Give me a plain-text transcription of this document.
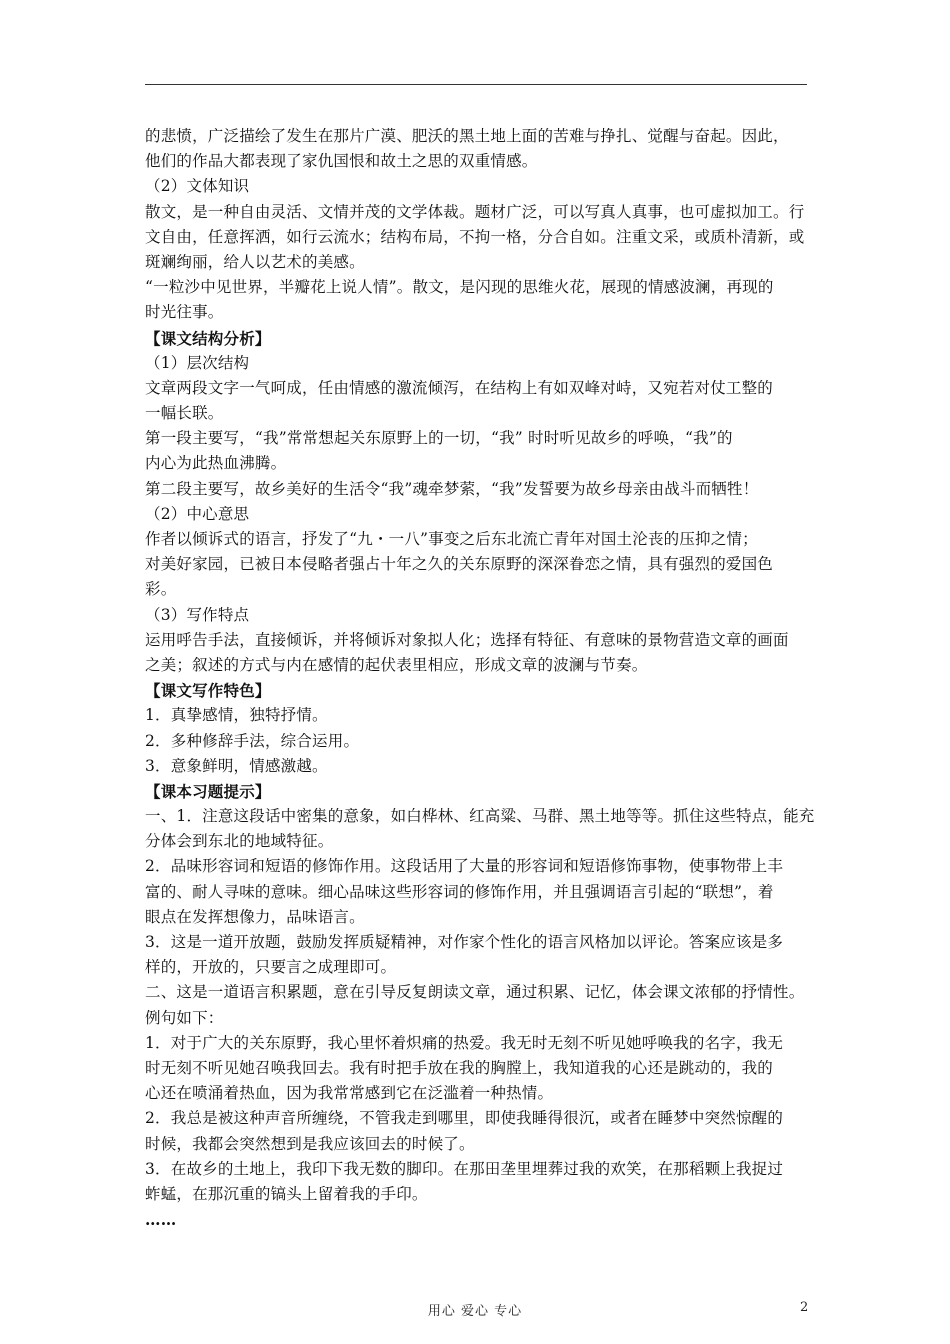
的悲愤，广泛描绘了发生在那片广漠、肥沃的黑土地上面的苦难与挣扎、觉醒与奋起。因此，
他们的作品大都表现了家仇国恨和故土之思的双重情感。
（2）文体知识
散文，是一种自由灵活、文情并茂的文学体裁。题材广泛，可以写真人真事，也可虚拟加工。行
文自由，任意挥洒，如行云流水；结构布局，不拘一格，分合自如。注重文采，或质朴清新，或
斑斓绚丽，给人以艺术的美感。
“一粒沙中见世界，半瓣花上说人情”。散文，是闪现的思维火花，展现的情感波澜，再现的
时光往事。
【课文结构分析】
（1）层次结构
文章两段文字一气呵成，任由情感的激流倾泻，在结构上有如双峰对峙，又宛若对仗工整的
一幅长联。
第一段主要写，“我”常常想起关东原野上的一切，“我” 时时听见故乡的呼唤，“我”的
内心为此热血沸腾。
第二段主要写，故乡美好的生活令“我”魂牵梦萦，“我”发誓要为故乡母亲由战斗而牺牲！
（2）中心意思
作者以倾诉式的语言，抒发了“九・一八”事变之后东北流亡青年对国土沦丧的压抑之情；
对美好家园，已被日本侵略者强占十年之久的关东原野的深深眷恋之情，具有强烈的爱国色
彩。
（3）写作特点
运用呼告手法，直接倾诉，并将倾诉对象拟人化；选择有特征、有意味的景物营造文章的画面
之美；叙述的方式与内在感情的起伏表里相应，形成文章的波澜与节奏。
【课文写作特色】
1．真挚感情，独特抒情。
2．多种修辞手法，综合运用。
3．意象鲜明，情感激越。
【课本习题提示】
一、1．注意这段话中密集的意象，如白桦林、红高粱、马群、黑土地等等。抓住这些特点，能充
分体会到东北的地域特征。
2．品味形容词和短语的修饰作用。这段话用了大量的形容词和短语修饰事物，使事物带上丰
富的、耐人寻味的意味。细心品味这些形容词的修饰作用，并且强调语言引起的“联想”，着
眼点在发挥想像力，品味语言。
3．这是一道开放题，鼓励发挥质疑精神，对作家个性化的语言风格加以评论。答案应该是多
样的，开放的，只要言之成理即可。
二、这是一道语言积累题，意在引导反复朗读文章，通过积累、记忆，体会课文浓郁的抒情性。
例句如下：
1．对于广大的关东原野，我心里怀着炽痛的热爱。我无时无刻不听见她呼唤我的名字，我无
时无刻不听见她召唤我回去。我有时把手放在我的胸膛上，我知道我的心还是跳动的，我的
心还在喷涌着热血，因为我常常感到它在泛滥着一种热情。
2．我总是被这种声音所缠绕，不管我走到哪里，即使我睡得很沉，或者在睡梦中突然惊醒的
时候，我都会突然想到是我应该回去的时候了。
3．在故乡的土地上，我印下我无数的脚印。在那田垄里埋葬过我的欢笑，在那稻颗上我捉过
蚱蜢，在那沉重的镐头上留着我的手印。
……
用心 爱心 专心	2
